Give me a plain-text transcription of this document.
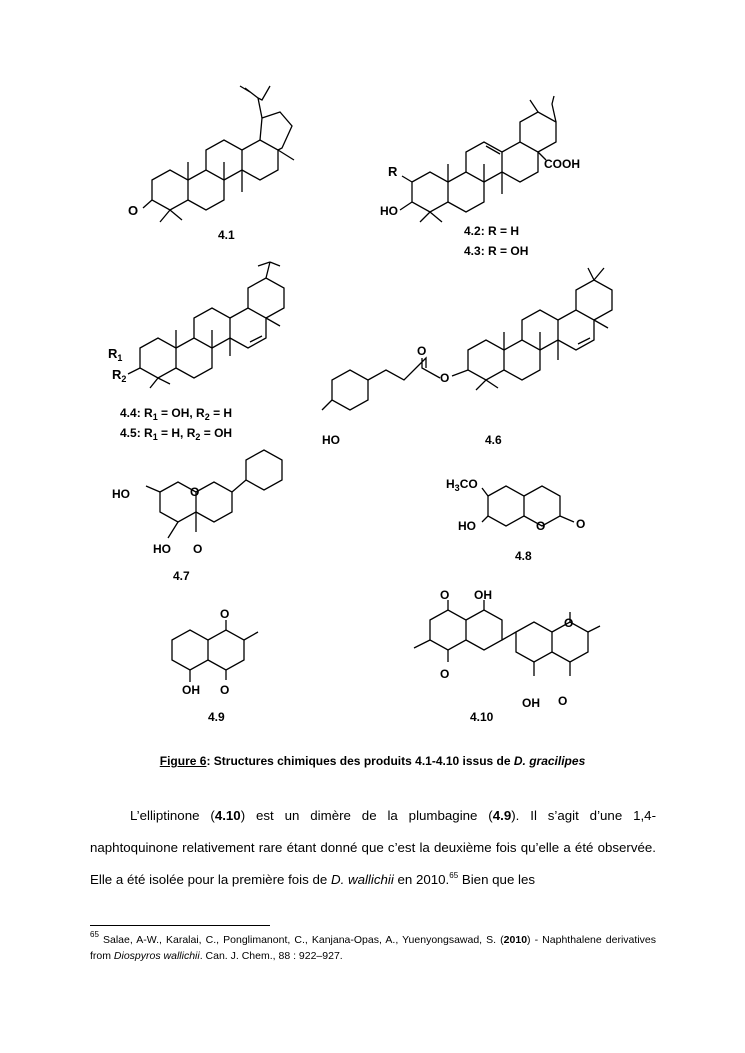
O
4.1
R	COOH
HO
4.2: R = H
4.3: R = OH
$R_1$
$R_2$
4.4: $R_1$ = OH, $R_2 = H$
4.5: $R_1 = H$, $R_2$ = OH
O
O
HO	4.6
HO	O
HO O
4.7
$H_3CO$
HO	O	O
4.8
O
OH O
4.9
O OH
O
O
OH O
4.10
Figure 6: Structures chimiques des produits 4.1-4.10 issus de D. gracilipes
L’elliptinone (4.10) est un dimère de la plumbagine (4.9). Il s’agit d’une 1,4-naphtoquinone relativement rare étant donné que c’est la deuxième fois qu’elle a été observée. Elle a été isolée pour la première fois de D. wallichii en 2010.65 Bien que les
$^{65}$ Salae, A-W., Karalai, C., Ponglimanont, C., Kanjana-Opas, A., Yuenyongsawad, S. (2010) - Naphthalene derivatives from Diospyros wallichii. Can. J. Chem., 88 : 922–927.
